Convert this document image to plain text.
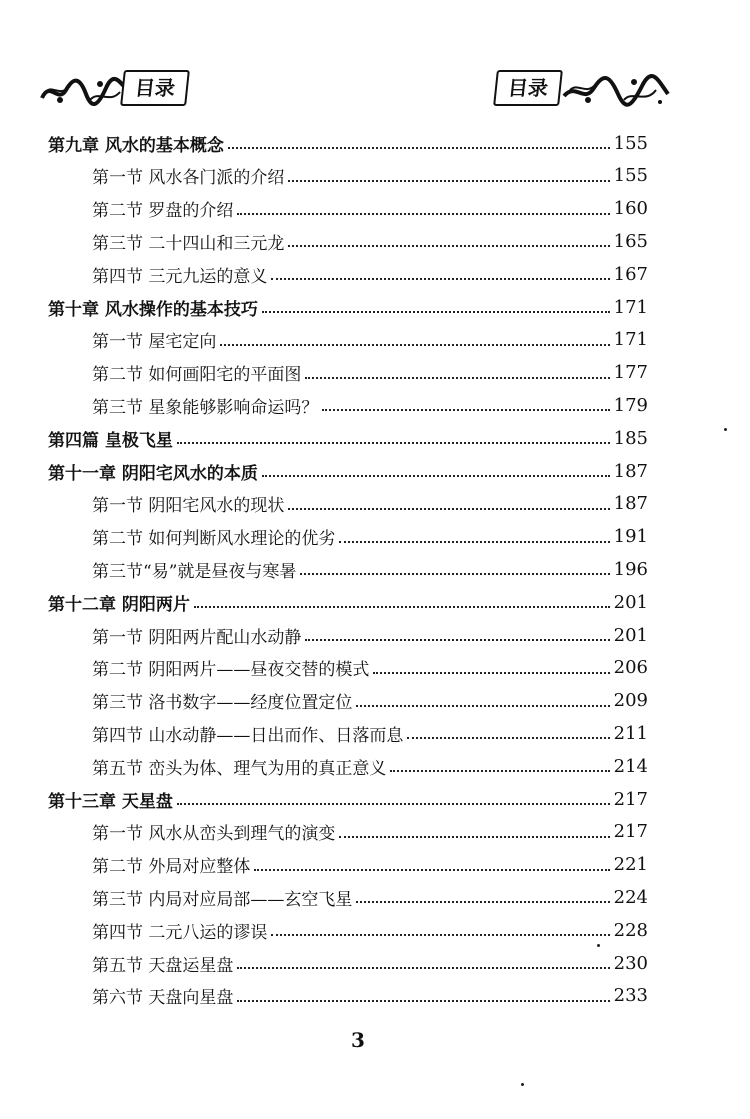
目录	目录
3
第九章 风水的基本概念	155
第一节 风水各门派的介绍	155
第二节 罗盘的介绍	160
第三节 二十四山和三元龙	165
第四节 三元九运的意义	167
第十章 风水操作的基本技巧	171
第一节 屋宅定向	171
第二节 如何画阳宅的平面图	177
第三节 星象能够影响命运吗？	179
第四篇 皇极飞星	185
第十一章 阴阳宅风水的本质	187
第一节 阴阳宅风水的现状	187
第二节 如何判断风水理论的优劣	191
第三节“易”就是昼夜与寒暑	196
第十二章 阴阳两片	201
第一节 阴阳两片配山水动静	201
第二节 阴阳两片——昼夜交替的模式	206
第三节 洛书数字——经度位置定位	209
第四节 山水动静——日出而作、日落而息	211
第五节 峦头为体、理气为用的真正意义	214
第十三章 天星盘	217
第一节 风水从峦头到理气的演变	217
第二节 外局对应整体	221
第三节 内局对应局部——玄空飞星	224
第四节 二元八运的谬误	228
第五节 天盘运星盘	230
第六节 天盘向星盘	233
